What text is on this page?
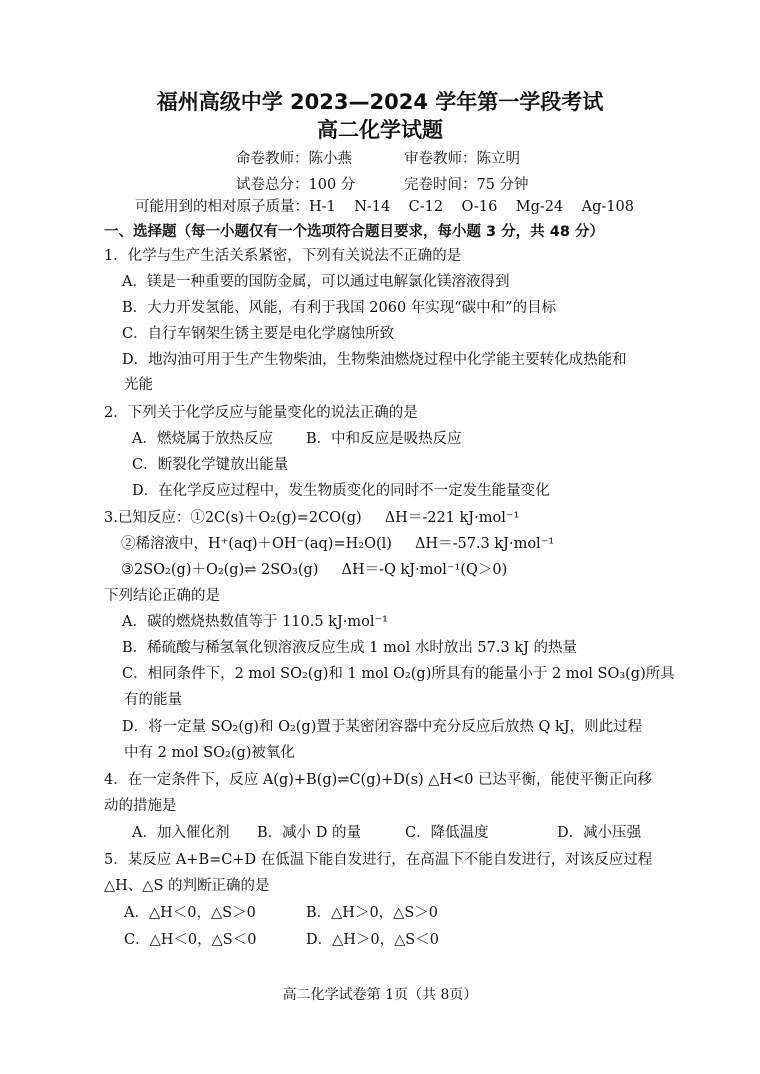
福州高级中学 2023—2024 学年第一学段考试
高二化学试题
命卷教师：陈小燕	审卷教师：陈立明
试卷总分：100 分	完卷时间：75 分钟
可能用到的相对原子质量：H-1    N-14    C-12    O-16    Mg-24    Ag-108
一、选择题（每一小题仅有一个选项符合题目要求，每小题 3 分，共 48 分）
1．化学与生产生活关系紧密，下列有关说法不正确的是
A．镁是一种重要的国防金属，可以通过电解氯化镁溶液得到
B．大力开发氢能、风能，有利于我国 2060 年实现“碳中和”的目标
C．自行车钢架生锈主要是电化学腐蚀所致
D．地沟油可用于生产生物柴油，生物柴油燃烧过程中化学能主要转化成热能和
光能
2．下列关于化学反应与能量变化的说法正确的是
A．燃烧属于放热反应 B．中和反应是吸热反应
C．断裂化学键放出能量
D．在化学反应过程中，发生物质变化的同时不一定发生能量变化
3.已知反应：①2C(s)＋O₂(g)=2CO(g)     ΔH＝-221 kJ·mol⁻¹
②稀溶液中，H⁺(aq)＋OH⁻(aq)=H₂O(l)     ΔH＝-57.3 kJ·mol⁻¹
③2SO₂(g)＋O₂(g)⇌ 2SO₃(g)     ΔH＝-Q kJ·mol⁻¹(Q＞0)
下列结论正确的是
A．碳的燃烧热数值等于 110.5 kJ·mol⁻¹
B．稀硫酸与稀氢氧化钡溶液反应生成 1 mol 水时放出 57.3 kJ 的热量
C．相同条件下，2 mol SO₂(g)和 1 mol O₂(g)所具有的能量小于 2 mol SO₃(g)所具
有的能量
D．将一定量 SO₂(g)和 O₂(g)置于某密闭容器中充分反应后放热 Q kJ，则此过程
中有 2 mol SO₂(g)被氧化
4．在一定条件下，反应 A(g)+B(g)⇌C(g)+D(s) △H<0 已达平衡，能使平衡正向移
动的措施是
A．加入催化剂 B．减小 D 的量	C．降低温度	D．减小压强
5．某反应 A+B=C+D 在低温下能自发进行，在高温下不能自发进行，对该反应过程
△H、△S 的判断正确的是
A．△H＜0，△S＞0	B．△H＞0，△S＞0
C．△H＜0，△S＜0	D．△H＞0，△S＜0
高二化学试卷第 1页（共 8页）
